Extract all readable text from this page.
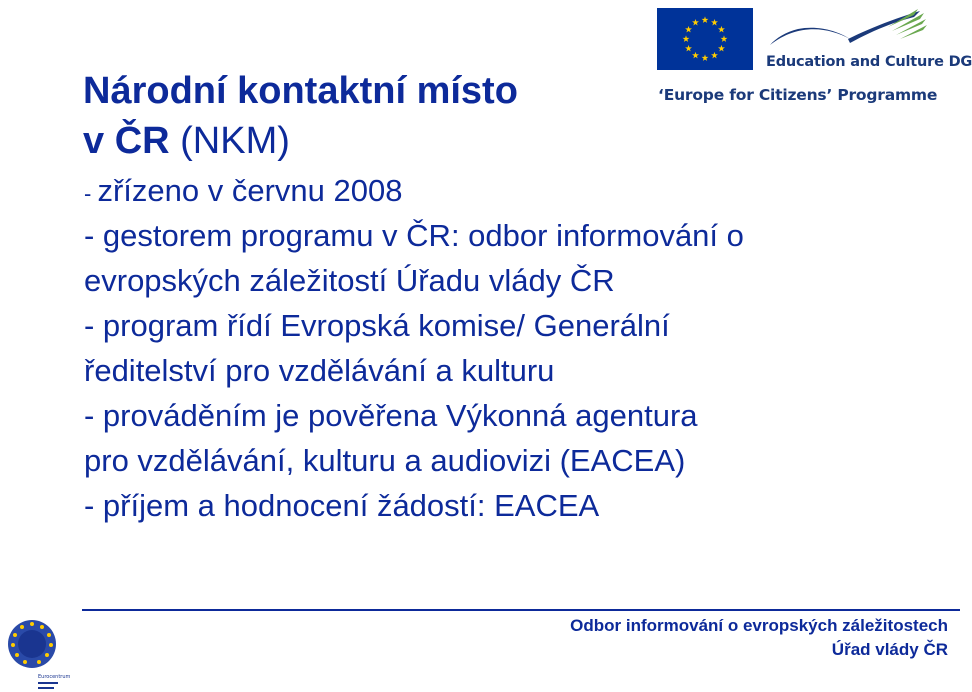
Education and Culture DG
‘Europe for Citizens’ Programme
Národní kontaktní místo
v ČR (NKM)
- zřízeno v červnu 2008
- gestorem programu v ČR: odbor informování o
evropských záležitostí Úřadu vlády ČR
- program řídí Evropská komise/ Generální
ředitelství pro vzdělávání a kulturu
- prováděním je pověřena Výkonná agentura
pro vzdělávání, kulturu a audiovizi (EACEA)
- příjem a hodnocení žádostí: EACEA
Eurocentrum
Odbor informování o evropských záležitostech
Úřad vlády ČR
